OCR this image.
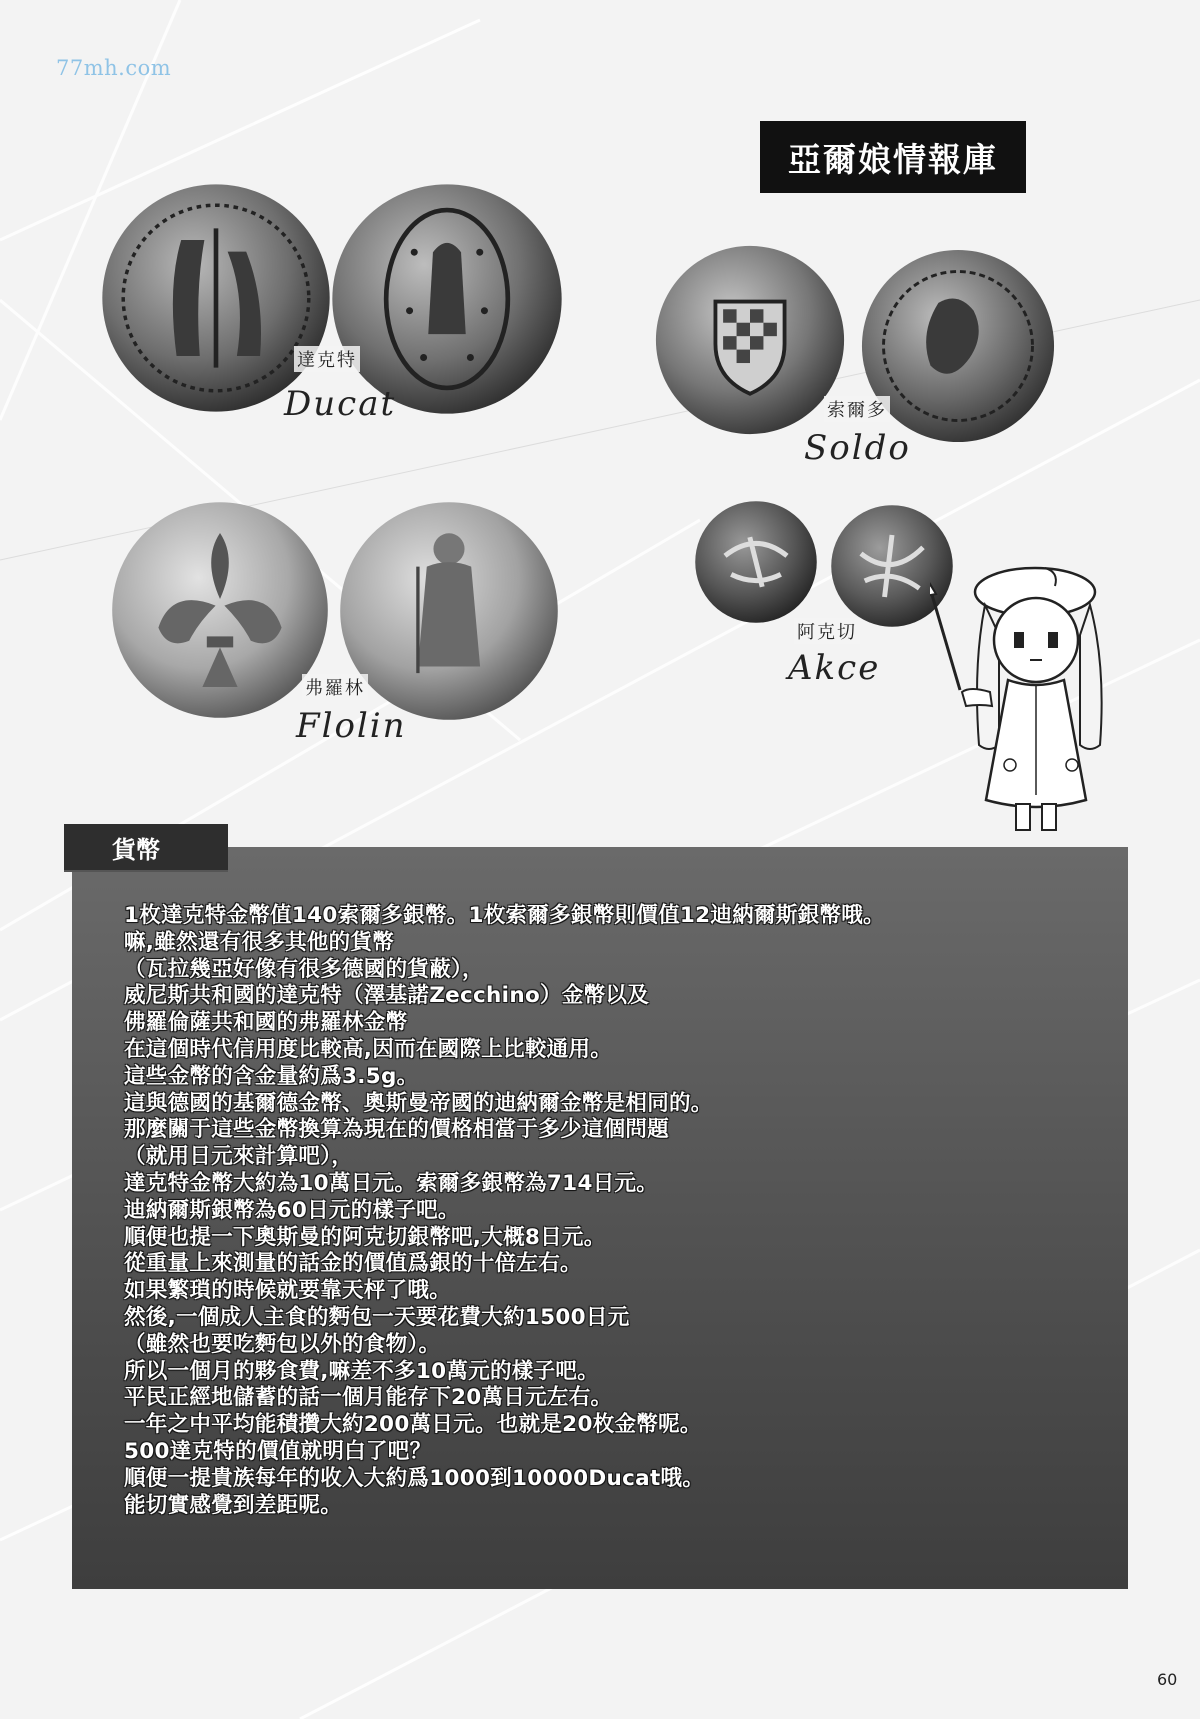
77mh.com
亞爾娘情報庫
達克特
Ducat	索爾多
Soldo
弗羅林
Flolin
阿克切
Akce
1枚達克特金幣值140索爾多銀幣。1枚索爾多銀幣則價值12迪納爾斯銀幣哦。
嘛,雖然還有很多其他的貨幣
（瓦拉幾亞好像有很多德國的貨蔽），
威尼斯共和國的達克特（澤基諾Zecchino）金幣以及
佛羅倫薩共和國的弗羅林金幣
在這個時代信用度比較高,因而在國際上比較通用。
這些金幣的含金量約爲3.5g。
這與德國的基爾德金幣、奧斯曼帝國的迪納爾金幣是相同的。
那麼關于這些金幣換算為現在的價格相當于多少這個問題
（就用日元來計算吧），
達克特金幣大約為10萬日元。索爾多銀幣為714日元。
迪納爾斯銀幣為60日元的樣子吧。
順便也提一下奧斯曼的阿克切銀幣吧,大概8日元。
從重量上來測量的話金的價值爲銀的十倍左右。
如果繁瑣的時候就要靠天枰了哦。
然後,一個成人主食的麪包一天要花費大約1500日元
（雖然也要吃麪包以外的食物）。
所以一個月的夥食費,嘛差不多10萬元的樣子吧。
平民正經地儲蓄的話一個月能存下20萬日元左右。
一年之中平均能積攢大約200萬日元。也就是20枚金幣呢。
500達克特的價值就明白了吧？
順便一提貴族每年的收入大約爲1000到10000Ducat哦。
能切實感覺到差距呢。
貨幣
60
